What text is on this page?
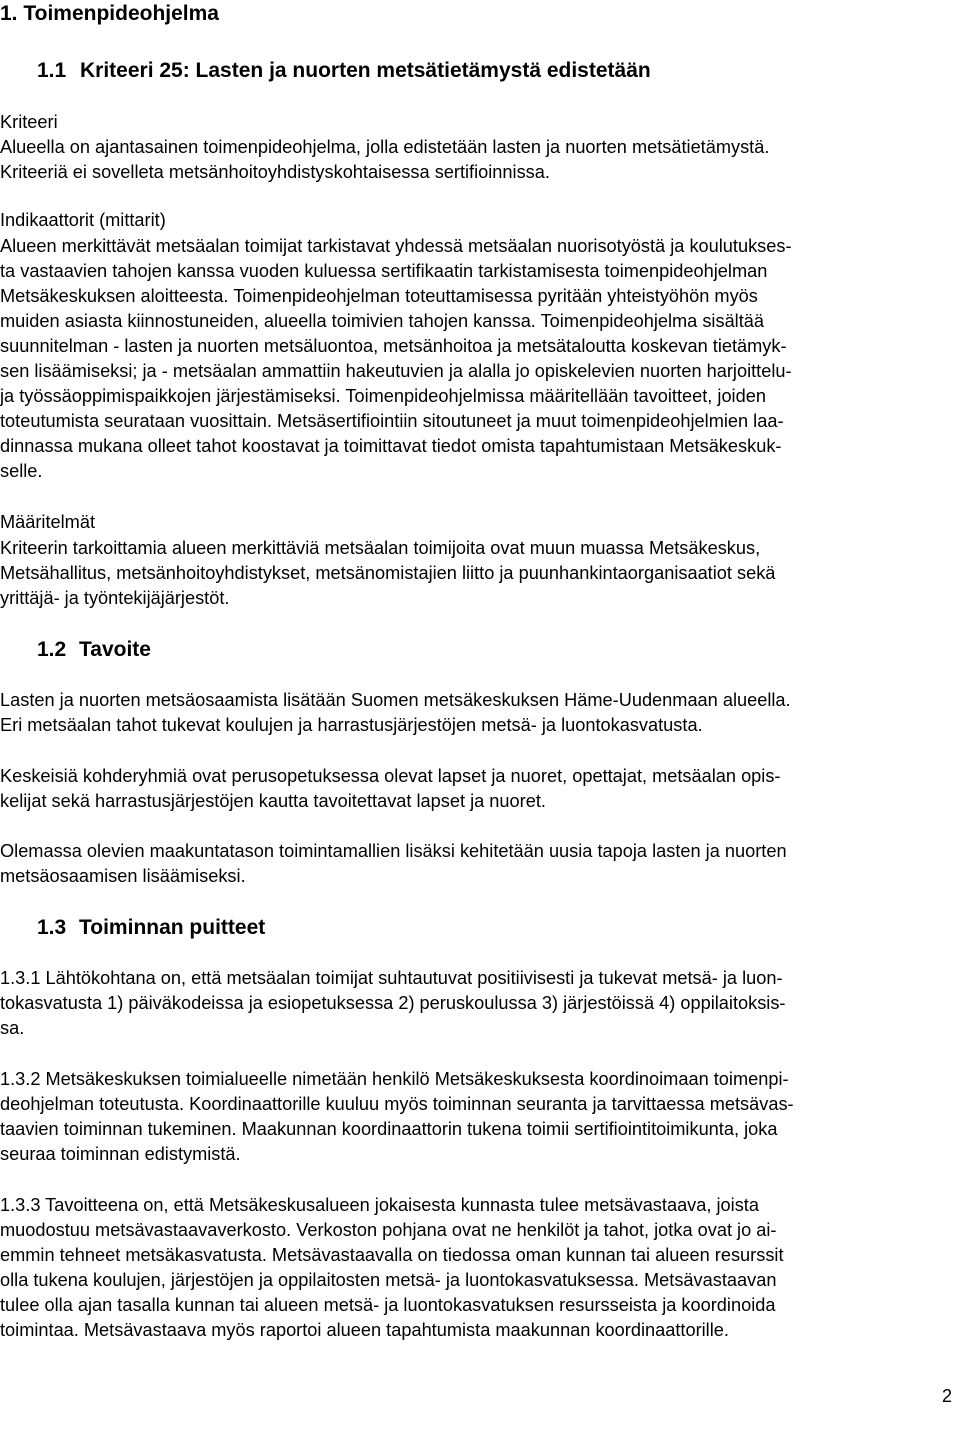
1. Toimenpideohjelma
1.1 Kriteeri 25: Lasten ja nuorten metsätietämystä edistetään
Kriteeri
Alueella on ajantasainen toimenpideohjelma, jolla edistetään lasten ja nuorten metsätietämystä.
Kriteeriä ei sovelleta metsänhoitoyhdistyskohtaisessa sertifioinnissa.
Indikaattorit (mittarit)
Alueen merkittävät metsäalan toimijat tarkistavat yhdessä metsäalan nuorisotyöstä ja koulutukses-
ta vastaavien tahojen kanssa vuoden kuluessa sertifikaatin tarkistamisesta toimenpideohjelman
Metsäkeskuksen aloitteesta. Toimenpideohjelman toteuttamisessa pyritään yhteistyöhön myös
muiden asiasta kiinnostuneiden, alueella toimivien tahojen kanssa. Toimenpideohjelma sisältää
suunnitelman - lasten ja nuorten metsäluontoa, metsänhoitoa ja metsätaloutta koskevan tietämyk-
sen lisäämiseksi; ja - metsäalan ammattiin hakeutuvien ja alalla jo opiskelevien nuorten harjoittelu-
ja työssäoppimispaikkojen järjestämiseksi. Toimenpideohjelmissa määritellään tavoitteet, joiden
toteutumista seurataan vuosittain. Metsäsertifiointiin sitoutuneet ja muut toimenpideohjelmien laa-
dinnassa mukana olleet tahot koostavat ja toimittavat tiedot omista tapahtumistaan Metsäkeskuk-
selle.
Määritelmät
Kriteerin tarkoittamia alueen merkittäviä metsäalan toimijoita ovat muun muassa Metsäkeskus,
Metsähallitus, metsänhoitoyhdistykset, metsänomistajien liitto ja puunhankintaorganisaatiot sekä
yrittäjä- ja työntekijäjärjestöt.
1.2 Tavoite
Lasten ja nuorten metsäosaamista lisätään Suomen metsäkeskuksen Häme-Uudenmaan alueella.
Eri metsäalan tahot tukevat koulujen ja harrastusjärjestöjen metsä- ja luontokasvatusta.
Keskeisiä kohderyhmiä ovat perusopetuksessa olevat lapset ja nuoret, opettajat, metsäalan opis-
kelijat sekä harrastusjärjestöjen kautta tavoitettavat lapset ja nuoret.
Olemassa olevien maakuntatason toimintamallien lisäksi kehitetään uusia tapoja lasten ja nuorten
metsäosaamisen lisäämiseksi.
1.3 Toiminnan puitteet
1.3.1 Lähtökohtana on, että metsäalan toimijat suhtautuvat positiivisesti ja tukevat metsä- ja luon-
tokasvatusta 1) päiväkodeissa ja esiopetuksessa 2) peruskoulussa 3) järjestöissä 4) oppilaitoksis-
sa.
1.3.2 Metsäkeskuksen toimialueelle nimetään henkilö Metsäkeskuksesta koordinoimaan toimenpi-
deohjelman toteutusta. Koordinaattorille kuuluu myös toiminnan seuranta ja tarvittaessa metsävas-
taavien toiminnan tukeminen. Maakunnan koordinaattorin tukena toimii sertifiointitoimikunta, joka
seuraa toiminnan edistymistä.
1.3.3 Tavoitteena on, että Metsäkeskusalueen jokaisesta kunnasta tulee metsävastaava, joista
muodostuu metsävastaavaverkosto. Verkoston pohjana ovat ne henkilöt ja tahot, jotka ovat jo ai-
emmin tehneet metsäkasvatusta. Metsävastaavalla on tiedossa oman kunnan tai alueen resurssit
olla tukena koulujen, järjestöjen ja oppilaitosten metsä- ja luontokasvatuksessa. Metsävastaavan
tulee olla ajan tasalla kunnan tai alueen metsä- ja luontokasvatuksen resursseista ja koordinoida
toimintaa. Metsävastaava myös raportoi alueen tapahtumista maakunnan koordinaattorille.
2
